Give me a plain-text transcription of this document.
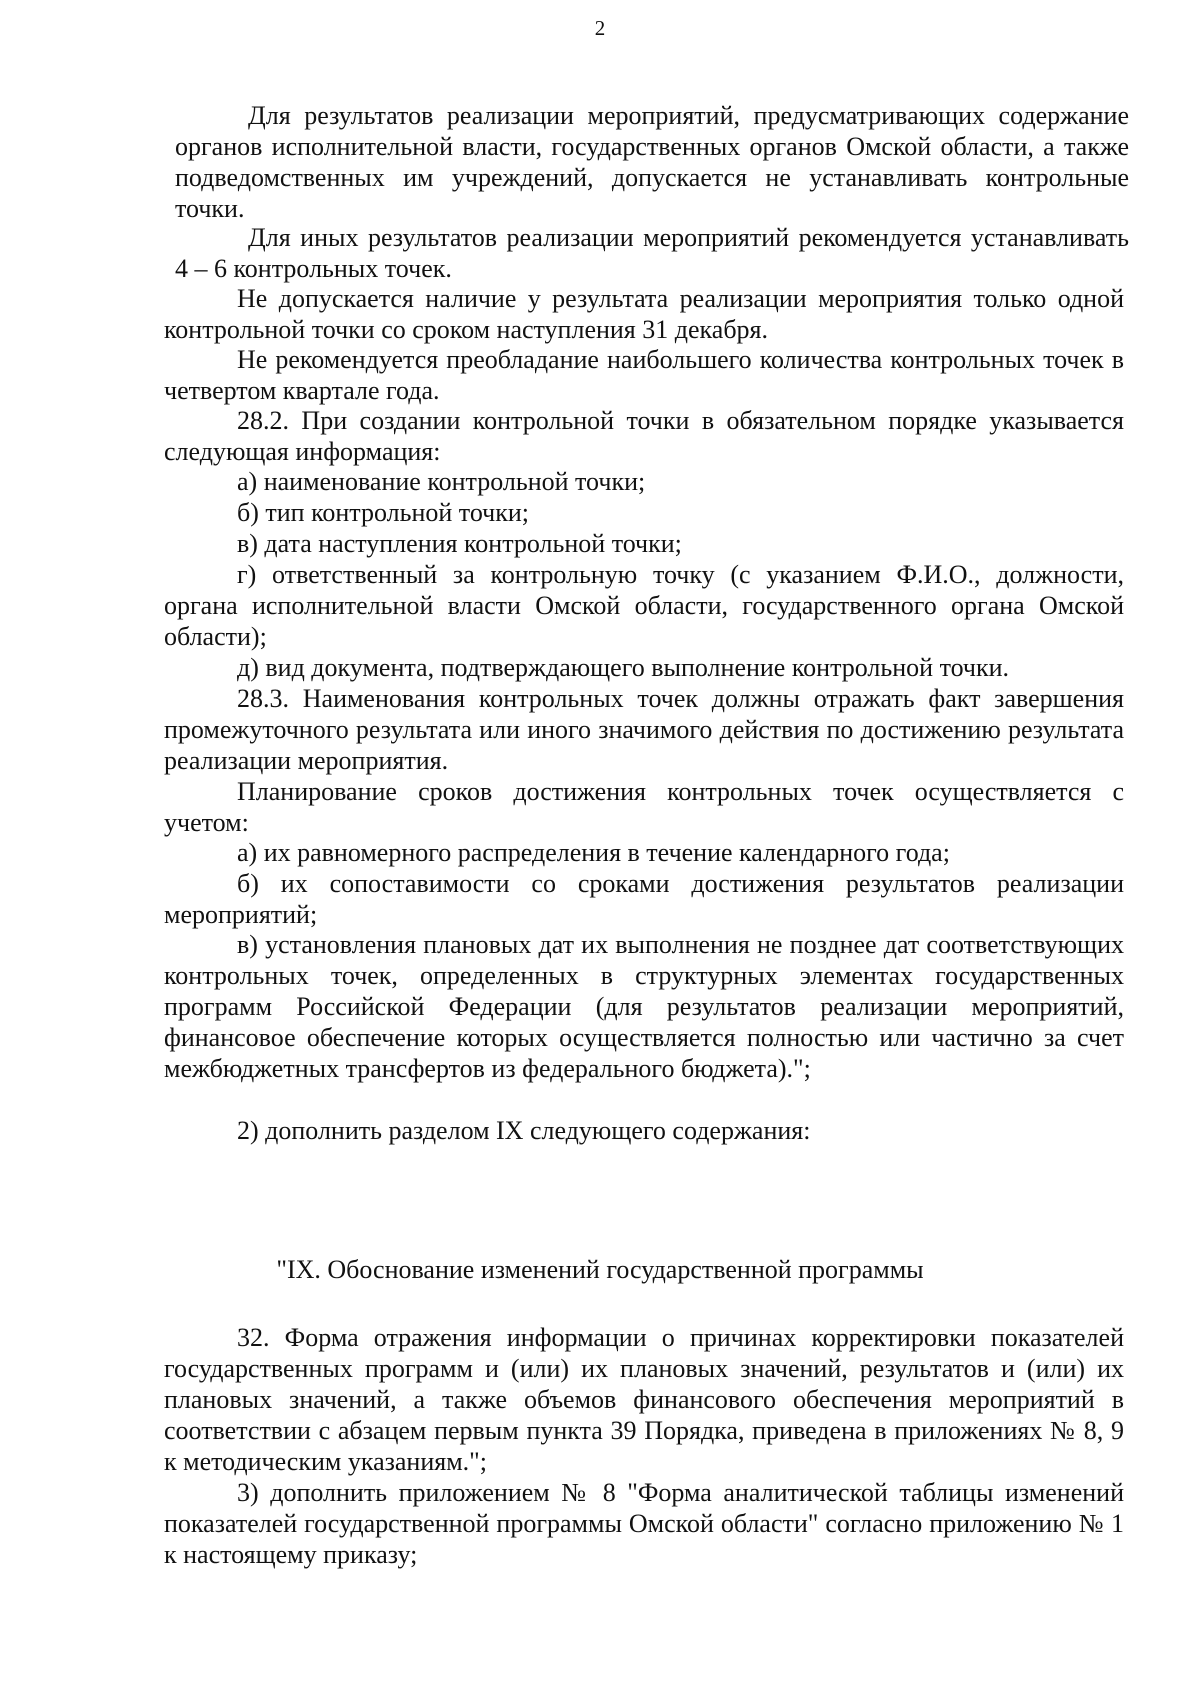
2

Для результатов реализации мероприятий, предусматривающих содержание органов исполнительной власти, государственных органов Омской области, а также подведомственных им учреждений, допускается не устанавливать контрольные точки.

Для иных результатов реализации мероприятий рекомендуется устанавливать 4 – 6 контрольных точек.

Не допускается наличие у результата реализации мероприятия только одной контрольной точки со сроком наступления 31 декабря.

Не рекомендуется преобладание наибольшего количества контрольных точек в четвертом квартале года.

28.2. При создании контрольной точки в обязательном порядке указывается следующая информация:

а) наименование контрольной точки;

б) тип контрольной точки;

в) дата наступления контрольной точки;

г) ответственный за контрольную точку (с указанием Ф.И.О., должности, органа исполнительной власти Омской области, государственного органа Омской области);

д) вид документа, подтверждающего выполнение контрольной точки.

28.3. Наименования контрольных точек должны отражать факт завершения промежуточного результата или иного значимого действия по достижению результата реализации мероприятия.

Планирование сроков достижения контрольных точек осуществляется с учетом:

а) их равномерного распределения в течение календарного года;

б) их сопоставимости со сроками достижения результатов реализации мероприятий;

в) установления плановых дат их выполнения не позднее дат соответствующих контрольных точек, определенных в структурных элементах государственных программ Российской Федерации (для результатов реализации мероприятий, финансовое обеспечение которых осуществляется полностью или частично за счет межбюджетных трансфертов из федерального бюджета).";

2) дополнить разделом IX следующего содержания:

"IX. Обоснование изменений государственной программы

32. Форма отражения информации о причинах корректировки показателей государственных программ и (или) их плановых значений, результатов и (или) их плановых значений, а также объемов финансового обеспечения мероприятий в соответствии с абзацем первым пункта 39 Порядка, приведена в приложениях № 8, 9 к методическим указаниям.";

3) дополнить приложением № 8 "Форма аналитической таблицы изменений показателей государственной программы Омской области" согласно приложению № 1 к настоящему приказу;
